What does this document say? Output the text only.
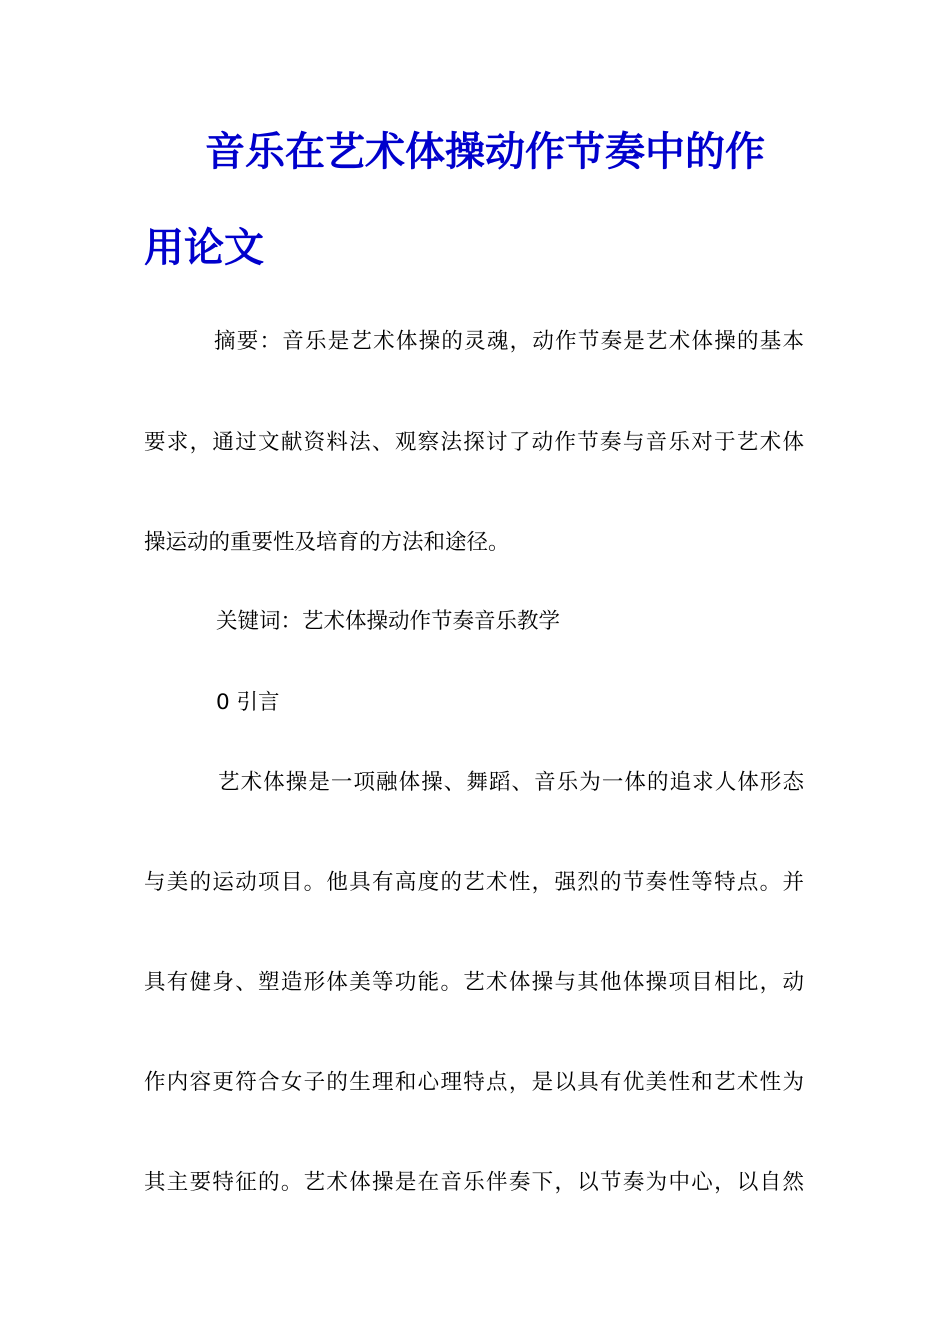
音乐在艺术体操动作节奏中的作
用论文
摘要：音乐是艺术体操的灵魂，动作节奏是艺术体操的基本
要求，通过文献资料法、观察法探讨了动作节奏与音乐对于艺术体
操运动的重要性及培育的方法和途径。
关键词：艺术体操动作节奏音乐教学
0 引言
艺术体操是一项融体操、舞蹈、音乐为一体的追求人体形态
与美的运动项目。他具有高度的艺术性，强烈的节奏性等特点。并
具有健身、塑造形体美等功能。艺术体操与其他体操项目相比，动
作内容更符合女子的生理和心理特点，是以具有优美性和艺术性为
其主要特征的。艺术体操是在音乐伴奏下，以节奏为中心，以自然
